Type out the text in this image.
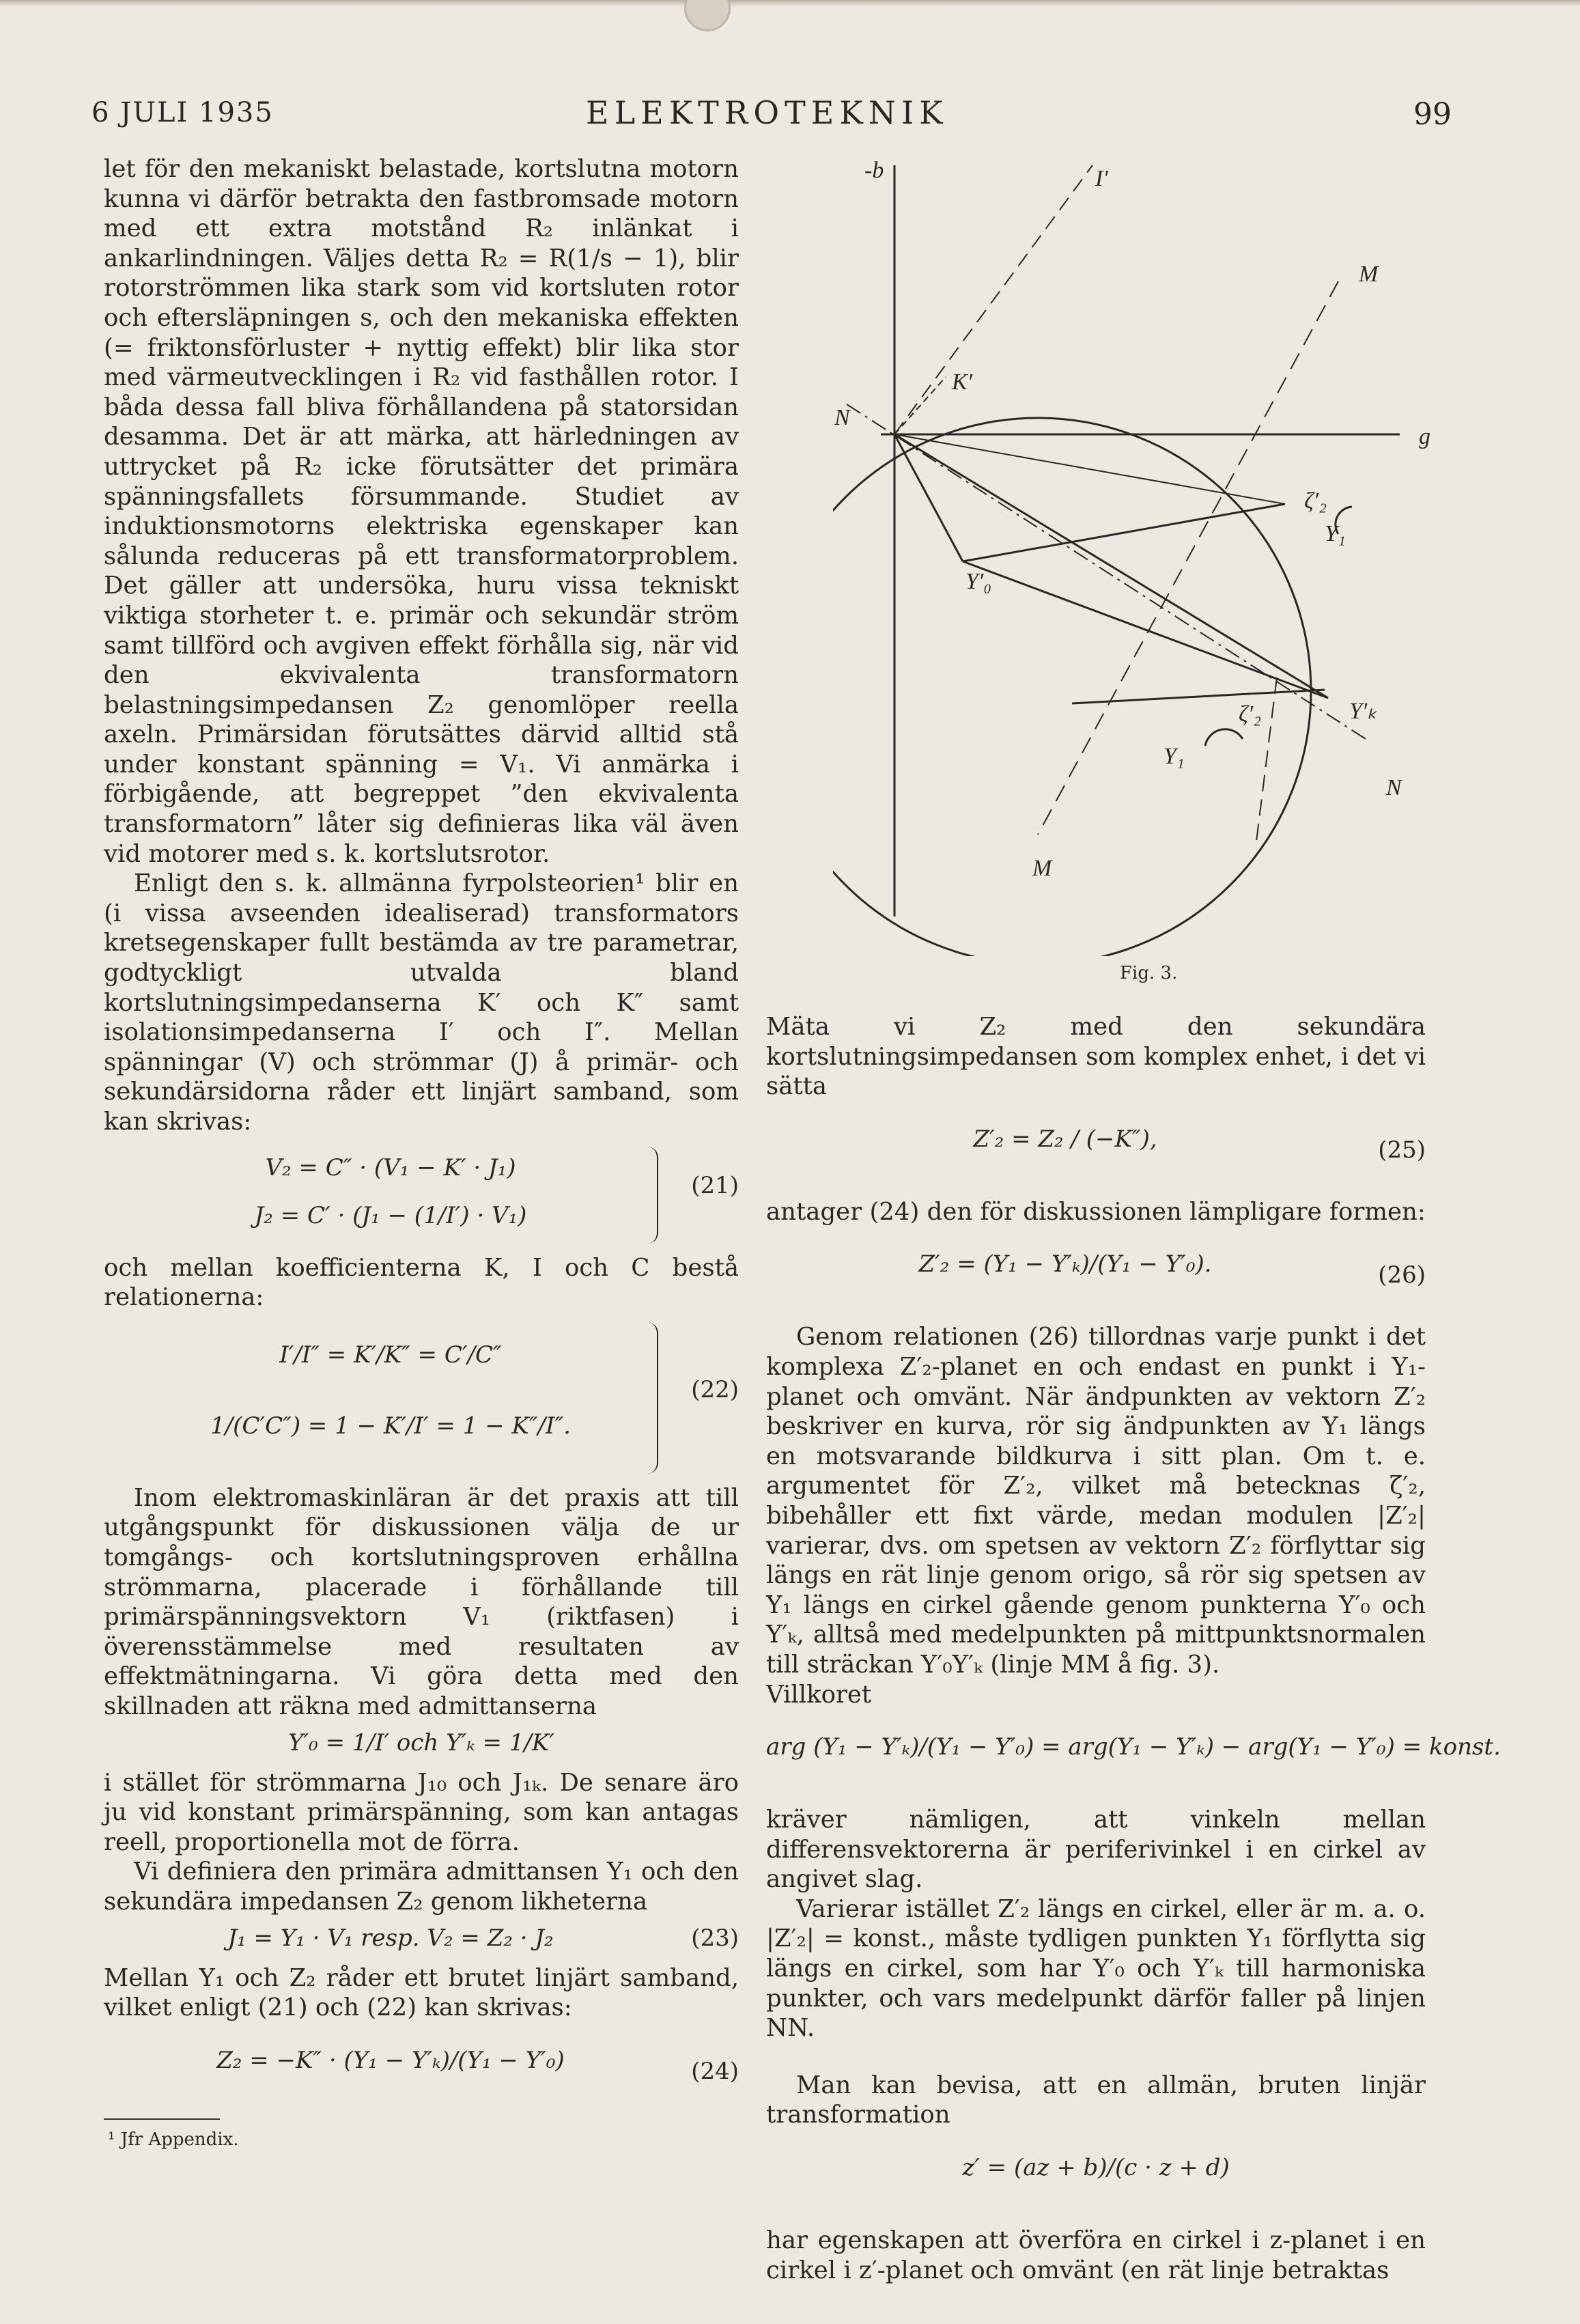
6 JULI 1935	ELEKTROTEKNIK	99

let för den mekaniskt belastade, kortslutna motorn kunna vi därför betrakta den fastbromsade motorn med ett extra motstånd R₂ inlänkat i ankarlindningen. Väljes detta R₂ = R(1/s − 1), blir rotorströmmen lika stark som vid kortsluten rotor och eftersläpningen s, och den mekaniska effekten (= friktonsförluster + nyttig effekt) blir lika stor med värmeutvecklingen i R₂ vid fasthållen rotor. I båda dessa fall bliva förhållandena på statorsidan desamma. Det är att märka, att härledningen av uttrycket på R₂ icke förutsätter det primära spänningsfallets försummande. Studiet av induktionsmotorns elektriska egenskaper kan sålunda reduceras på ett transformatorproblem. Det gäller att undersöka, huru vissa tekniskt viktiga storheter t. e. primär och sekundär ström samt tillförd och avgiven effekt förhålla sig, när vid den ekvivalenta transformatorn belastningsimpedansen Z₂ genomlöper reella axeln. Primärsidan förutsättes därvid alltid stå under konstant spänning = V₁. Vi anmärka i förbigående, att begreppet ”den ekvivalenta transformatorn” låter sig definieras lika väl även vid motorer med s. k. kortslutsrotor.

Enligt den s. k. allmänna fyrpolsteorien¹ blir en (i vissa avseenden idealiserad) transformators kretsegenskaper fullt bestämda av tre parametrar, godtyckligt utvalda bland kortslutningsimpedanserna K′ och K″ samt isolationsimpedanserna I′ och I″. Mellan spänningar (V) och strömmar (J) å primär- och sekundärsidorna råder ett linjärt samband, som kan skrivas:

V₂ = C″ · (V₁ − K′ · J₁)
J₂ = C′ · (J₁ − (1/I′) · V₁)
(21)

och mellan koefficienterna K, I och C bestå relationerna:

I′/I″ = K′/K″ = C′/C″
1/(C′C″) = 1 − K′/I′ = 1 − K″/I″.
(22)

Inom elektromaskinläran är det praxis att till utgångspunkt för diskussionen välja de ur tomgångs- och kortslutningsproven erhållna strömmarna, placerade i förhållande till primärspänningsvektorn V₁ (riktfasen) i överensstämmelse med resultaten av effektmätningarna. Vi göra detta med den skillnaden att räkna med admittanserna

Y′₀ = 1/I′ och Y′ₖ = 1/K′

i stället för strömmarna J₁₀ och J₁ₖ. De senare äro ju vid konstant primärspänning, som kan antagas reell, proportionella mot de förra.

Vi definiera den primära admittansen Y₁ och den sekundära impedansen Z₂ genom likheterna

J₁ = Y₁ · V₁ resp. V₂ = Z₂ · J₂	(23)

Mellan Y₁ och Z₂ råder ett brutet linjärt samband, vilket enligt (21) och (22) kan skrivas:

Z₂ = −K″ · (Y₁ − Y′ₖ)/(Y₁ − Y′₀)	(24)
¹ Jfr Appendix.
-b	I′
M
K′
g
N
ζ′₂
Y₁
Y′₀
ζ′₂
Y₁
Y′ₖ
N
M
Fig. 3.

Mäta vi Z₂ med den sekundära kortslutningsimpedansen som komplex enhet, i det vi sätta

Z′₂ = Z₂ / (−K″),	(25)

antager (24) den för diskussionen lämpligare formen:

Z′₂ = (Y₁ − Y′ₖ)/(Y₁ − Y′₀).	(26)

Genom relationen (26) tillordnas varje punkt i det komplexa Z′₂-planet en och endast en punkt i Y₁-planet och omvänt. När ändpunkten av vektorn Z′₂ beskriver en kurva, rör sig ändpunkten av Y₁ längs en motsvarande bildkurva i sitt plan. Om t. e. argumentet för Z′₂, vilket må betecknas ζ′₂, bibehåller ett fixt värde, medan modulen |Z′₂| varierar, dvs. om spetsen av vektorn Z′₂ förflyttar sig längs en rät linje genom origo, så rör sig spetsen av Y₁ längs en cirkel gående genom punkterna Y′₀ och Y′ₖ, alltså med medelpunkten på mittpunktsnormalen till sträckan Y′₀Y′ₖ (linje MM å fig. 3).

Villkoret

arg (Y₁ − Y′ₖ)/(Y₁ − Y′₀) = arg(Y₁ − Y′ₖ) − arg(Y₁ − Y′₀) = konst.

kräver nämligen, att vinkeln mellan differensvektorerna är periferivinkel i en cirkel av angivet slag.

Varierar istället Z′₂ längs en cirkel, eller är m. a. o. |Z′₂| = konst., måste tydligen punkten Y₁ förflytta sig längs en cirkel, som har Y′₀ och Y′ₖ till harmoniska punkter, och vars medelpunkt därför faller på linjen NN.

Man kan bevisa, att en allmän, bruten linjär transformation

z′ = (az + b)/(c · z + d)

har egenskapen att överföra en cirkel i z-planet i en cirkel i z′-planet och omvänt (en rät linje betraktas
